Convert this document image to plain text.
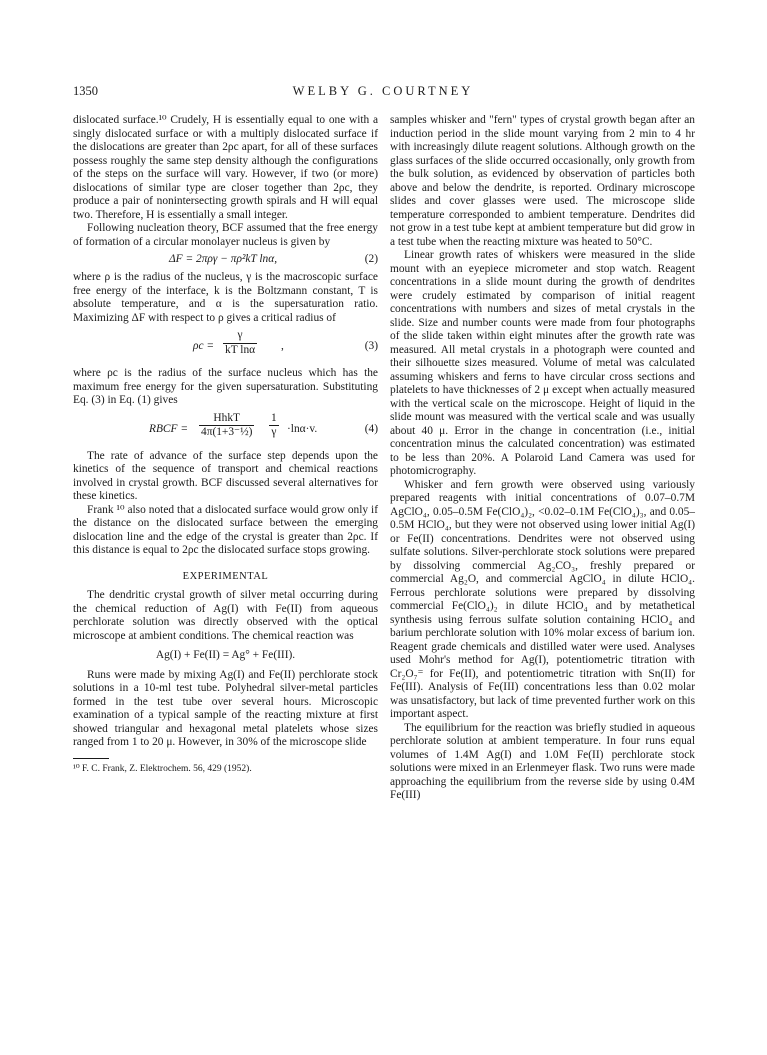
1350	WELBY G. COURTNEY

dislocated surface.¹⁰ Crudely, H is essentially equal to one with a singly dislocated surface or with a multiply dislocated surface if the dislocations are greater than 2ρc apart, for all of these surfaces possess roughly the same step density although the configurations of the steps on the surface will vary. However, if two (or more) dislocations of similar type are closer together than 2ρc, they produce a pair of nonintersecting growth spirals and H will equal two. Therefore, H is essentially a small integer.

Following nucleation theory, BCF assumed that the free energy of formation of a circular monolayer nucleus is given by

ΔF = 2πργ − πρ²kT lnα,	(2)

where ρ is the radius of the nucleus, γ is the macroscopic surface free energy of the interface, k is the Boltzmann constant, T is absolute temperature, and α is the supersaturation ratio. Maximizing ΔF with respect to ρ gives a critical radius of

$\rho c = \frac{\gamma}{\text{kT lnα}}$ ,	(3)

where ρc is the radius of the surface nucleus which has the maximum free energy for the given supersaturation. Substituting Eq. (3) in Eq. (1) gives

RBCF =
HhkT
4π(1+3⁻½) $\frac{1}{\gamma} \cdot\ln\alpha\cdot v$.	(4)

The rate of advance of the surface step depends upon the kinetics of the sequence of transport and chemical reactions involved in crystal growth. BCF discussed several alternatives for these kinetics.

Frank ¹⁰ also noted that a dislocated surface would grow only if the distance on the dislocated surface between the emerging dislocation line and the edge of the crystal is greater than 2ρc. If this distance is equal to 2ρc the dislocated surface stops growing.

EXPERIMENTAL

The dendritic crystal growth of silver metal occurring during the chemical reduction of Ag(I) with Fe(II) from aqueous perchlorate solution was directly observed with the optical microscope at ambient conditions. The chemical reaction was

Ag(I) + Fe(II) = Ag° + Fe(III).

Runs were made by mixing Ag(I) and Fe(II) perchlorate stock solutions in a 10-ml test tube. Polyhedral silver-metal particles formed in the test tube over several hours. Microscopic examination of a typical sample of the reacting mixture at first showed triangular and hexagonal metal platelets whose sizes ranged from 1 to 20 μ. However, in 30% of the microscope slide

¹⁰ F. C. Frank, Z. Elektrochem. 56, 429 (1952).

samples whisker and "fern" types of crystal growth began after an induction period in the slide mount varying from 2 min to 4 hr with increasingly dilute reagent solutions. Although growth on the glass surfaces of the slide occurred occasionally, only growth from the bulk solution, as evidenced by observation of particles both above and below the dendrite, is reported. Ordinary microscope slides and cover glasses were used. The microscope slide temperature corresponded to ambient temperature. Dendrites did not grow in a test tube kept at ambient temperature but did grow in a test tube when the reacting mixture was heated to 50°C.

Linear growth rates of whiskers were measured in the slide mount with an eyepiece micrometer and stop watch. Reagent concentrations in a slide mount during the growth of dendrites were crudely estimated by comparison of initial reagent concentrations with numbers and sizes of metal crystals in the slide. Size and number counts were made from four photographs of the slide taken within eight minutes after the growth rate was measured. All metal crystals in a photograph were counted and their silhouette sizes measured. Volume of metal was calculated assuming whiskers and ferns to have circular cross sections and platelets to have thicknesses of 2 μ except when actually measured with the vertical scale on the microscope. Height of liquid in the slide mount was measured with the vertical scale and was usually about 40 μ. Error in the change in concentration (i.e., initial concentration minus the calculated concentration) was estimated to be less than 20%. A Polaroid Land Camera was used for photomicrography.

Whisker and fern growth were observed using variously prepared reagents with initial concentrations of 0.07–0.7M AgClO₄, 0.05–0.5M Fe(ClO₄)₂, <0.02–0.1M Fe(ClO₄)₃, and 0.05–0.5M HClO₄, but they were not observed using lower initial Ag(I) or Fe(II) concentrations. Dendrites were not observed using sulfate solutions. Silver-perchlorate stock solutions were prepared by dissolving commercial Ag₂CO₃, freshly prepared or commercial Ag₂O, and commercial AgClO₄ in dilute HClO₄. Ferrous perchlorate solutions were prepared by dissolving commercial Fe(ClO₄)₂ in dilute HClO₄ and by metathetical synthesis using ferrous sulfate solution containing HClO₄ and barium perchlorate solution with 10% molar excess of barium ion. Reagent grade chemicals and distilled water were used. Analyses used Mohr's method for Ag(I), potentiometric titration with Cr₂O₇⁼ for Fe(II), and potentiometric titration with Sn(II) for Fe(III). Analysis of Fe(III) concentrations less than 0.02 molar was unsatisfactory, but lack of time prevented further work on this important aspect.

The equilibrium for the reaction was briefly studied in aqueous perchlorate solution at ambient temperature. In four runs equal volumes of 1.4M Ag(I) and 1.0M Fe(II) perchlorate stock solutions were mixed in an Erlenmeyer flask. Two runs were made approaching the equilibrium from the reverse side by using 0.4M Fe(III)
